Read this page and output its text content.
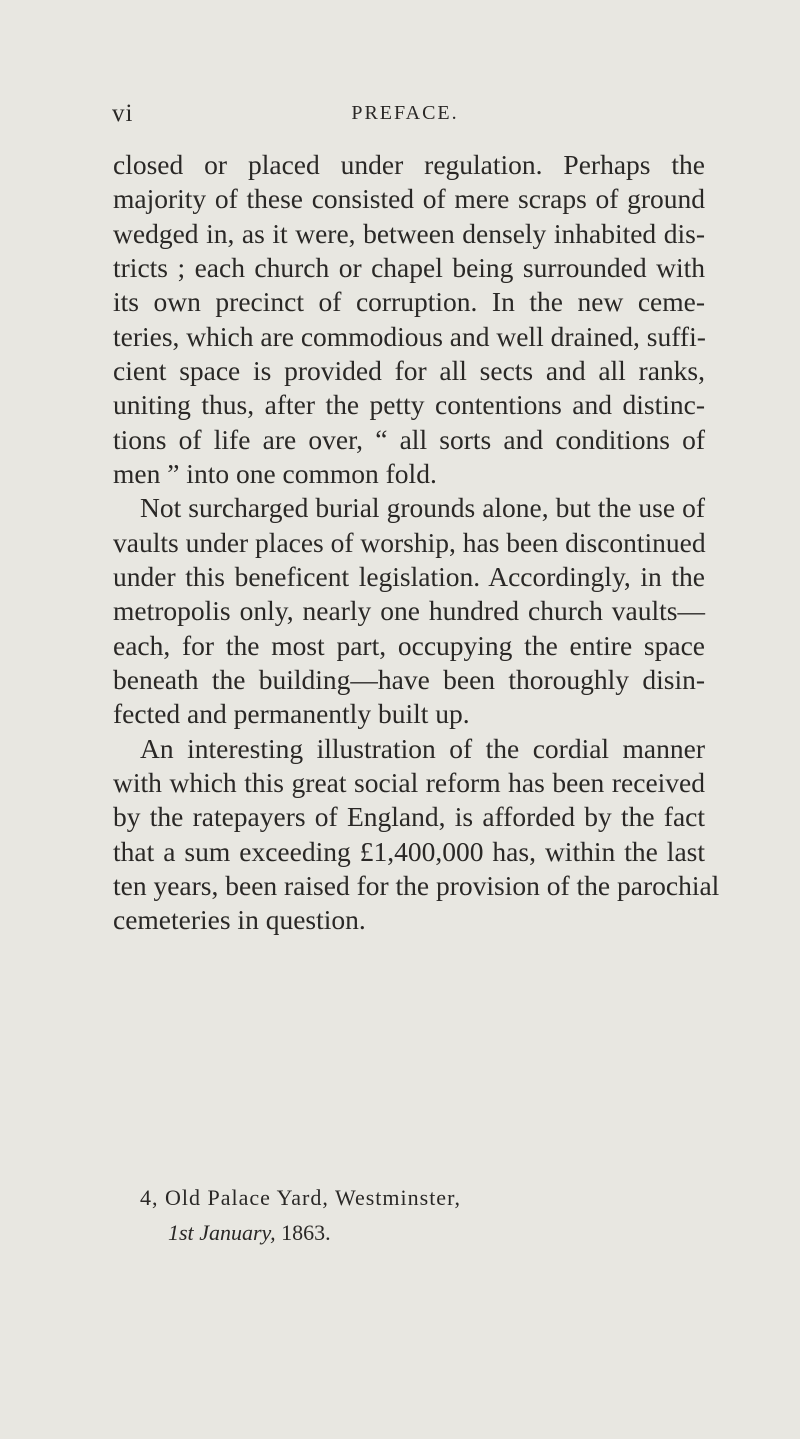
vi	PREFACE.
closed or placed under regulation. Perhaps the
majority of these consisted of mere scraps of ground
wedged in, as it were, between densely inhabited dis-
tricts ; each church or chapel being surrounded with
its own precinct of corruption. In the new ceme-
teries, which are commodious and well drained, suffi-
cient space is provided for all sects and all ranks,
uniting thus, after the petty contentions and distinc-
tions of life are over, “ all sorts and conditions of
men ” into one common fold.
Not surcharged burial grounds alone, but the use of
vaults under places of worship, has been discontinued
under this beneficent legislation. Accordingly, in the
metropolis only, nearly one hundred church vaults—
each, for the most part, occupying the entire space
beneath the building—have been thoroughly disin-
fected and permanently built up.
An interesting illustration of the cordial manner
with which this great social reform has been received
by the ratepayers of England, is afforded by the fact
that a sum exceeding £1,400,000 has, within the last
ten years, been raised for the provision of the parochial
cemeteries in question.
4, Old Palace Yard, Westminster,
1st January, 1863.
